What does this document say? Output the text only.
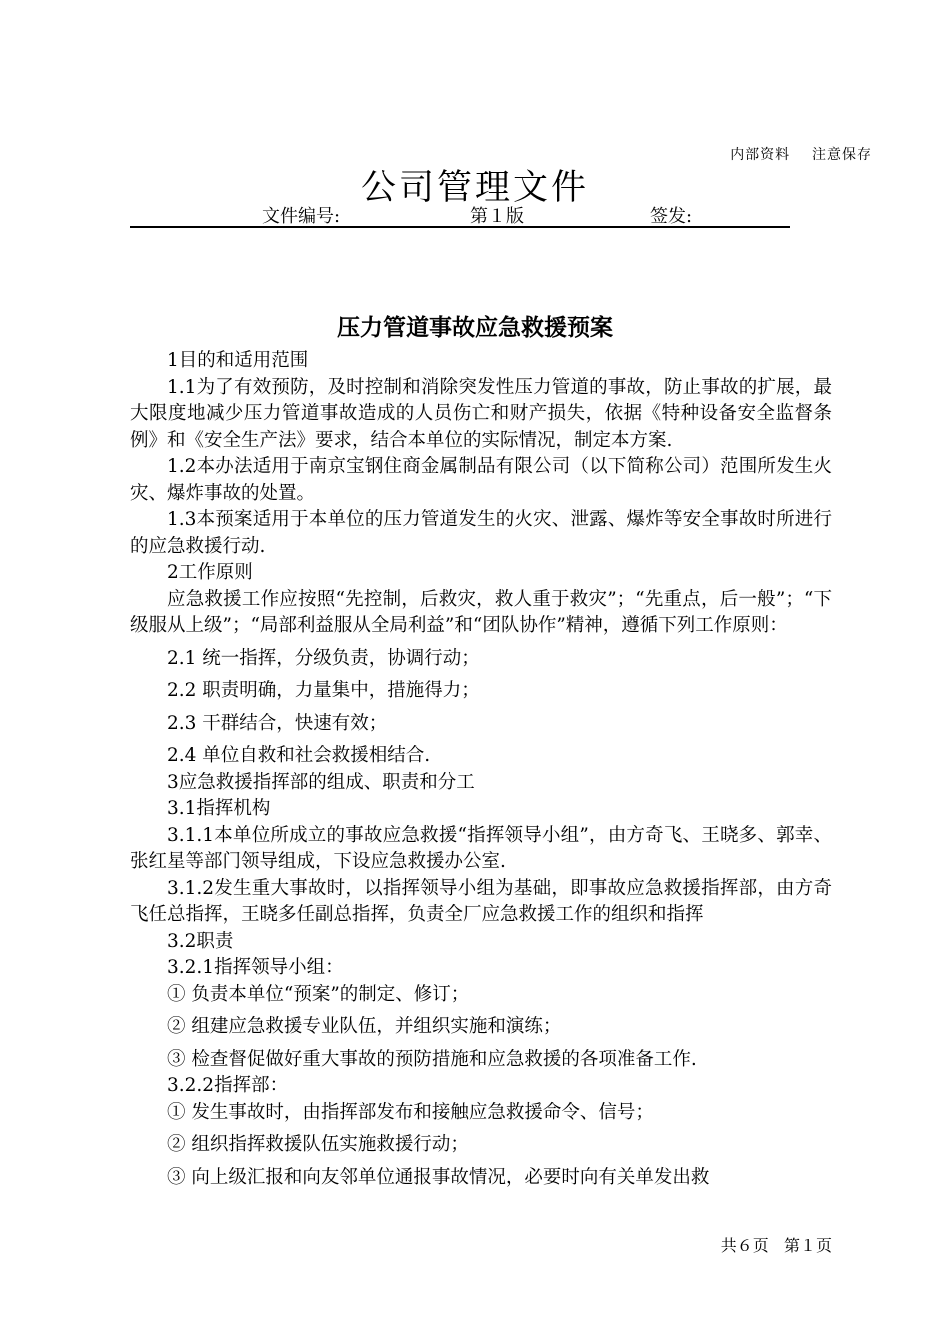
内部资料    注意保存
公司管理文件
文件编号:	第１版	签发:
压力管道事故应急救援预案

1目的和适用范围

1.1为了有效预防，及时控制和消除突发性压力管道的事故，防止事故的扩展，最大限度地减少压力管道事故造成的人员伤亡和财产损失，依据《特种设备安全监督条例》和《安全生产法》要求，结合本单位的实际情况，制定本方案.

1.2本办法适用于南京宝钢住商金属制品有限公司（以下简称公司）范围所发生火灾、爆炸事故的处置。

1.3本预案适用于本单位的压力管道发生的火灾、泄露、爆炸等安全事故时所进行的应急救援行动.

2工作原则

应急救援工作应按照“先控制，后救灾，救人重于救灾”；“先重点，后一般”；“下级服从上级”；“局部利益服从全局利益”和“团队协作”精神，遵循下列工作原则：

2.1 统一指挥，分级负责，协调行动；

2.2 职责明确，力量集中，措施得力；

2.3 干群结合，快速有效；

2.4 单位自救和社会救援相结合.

3应急救援指挥部的组成、职责和分工

3.1指挥机构

3.1.1本单位所成立的事故应急救援“指挥领导小组”，由方奇飞、王晓多、郭幸、张红星等部门领导组成，下设应急救援办公室.

3.1.2发生重大事故时，以指挥领导小组为基础，即事故应急救援指挥部，由方奇飞任总指挥，王晓多任副总指挥，负责全厂应急救援工作的组织和指挥

3.2职责

3.2.1指挥领导小组：

① 负责本单位“预案”的制定、修订；

② 组建应急救援专业队伍，并组织实施和演练；

③ 检查督促做好重大事故的预防措施和应急救援的各项准备工作.

3.2.2指挥部：

① 发生事故时，由指挥部发布和接触应急救援命令、信号；

② 组织指挥救援队伍实施救援行动；

③ 向上级汇报和向友邻单位通报事故情况，必要时向有关单发出救

共６页   第１页
